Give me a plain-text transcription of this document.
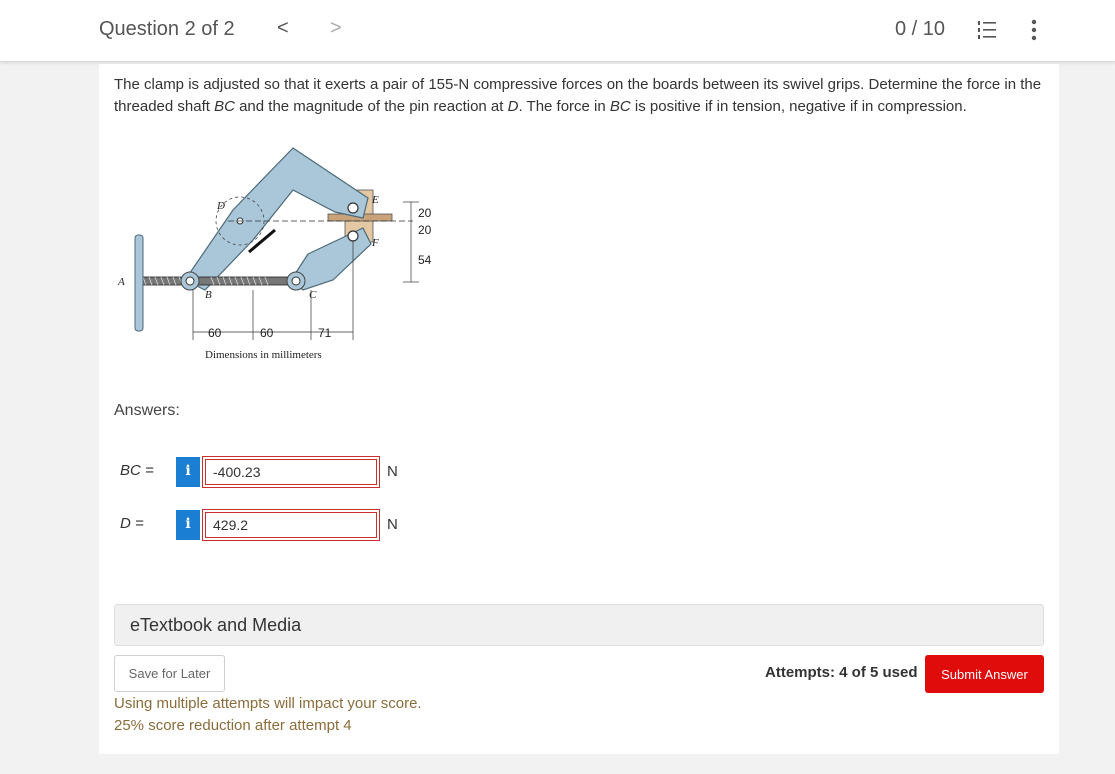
Question 2 of 2 < >	0 / 10
The clamp is adjusted so that it exerts a pair of 155-N compressive forces on the boards between its swivel grips. Determine the force in the threaded shaft BC and the magnitude of the pin reaction at D. The force in BC is positive if in tension, negative if in compression.
A
B	C
D	E
F
60	60	71
20
20
54
Dimensions in millimeters
Answers:
BC =	i
-400.23	N
D =	i
429.2	N
eTextbook and Media
Save for Later	Attempts: 4 of 5 used	Submit Answer
Using multiple attempts will impact your score.
25% score reduction after attempt 4
